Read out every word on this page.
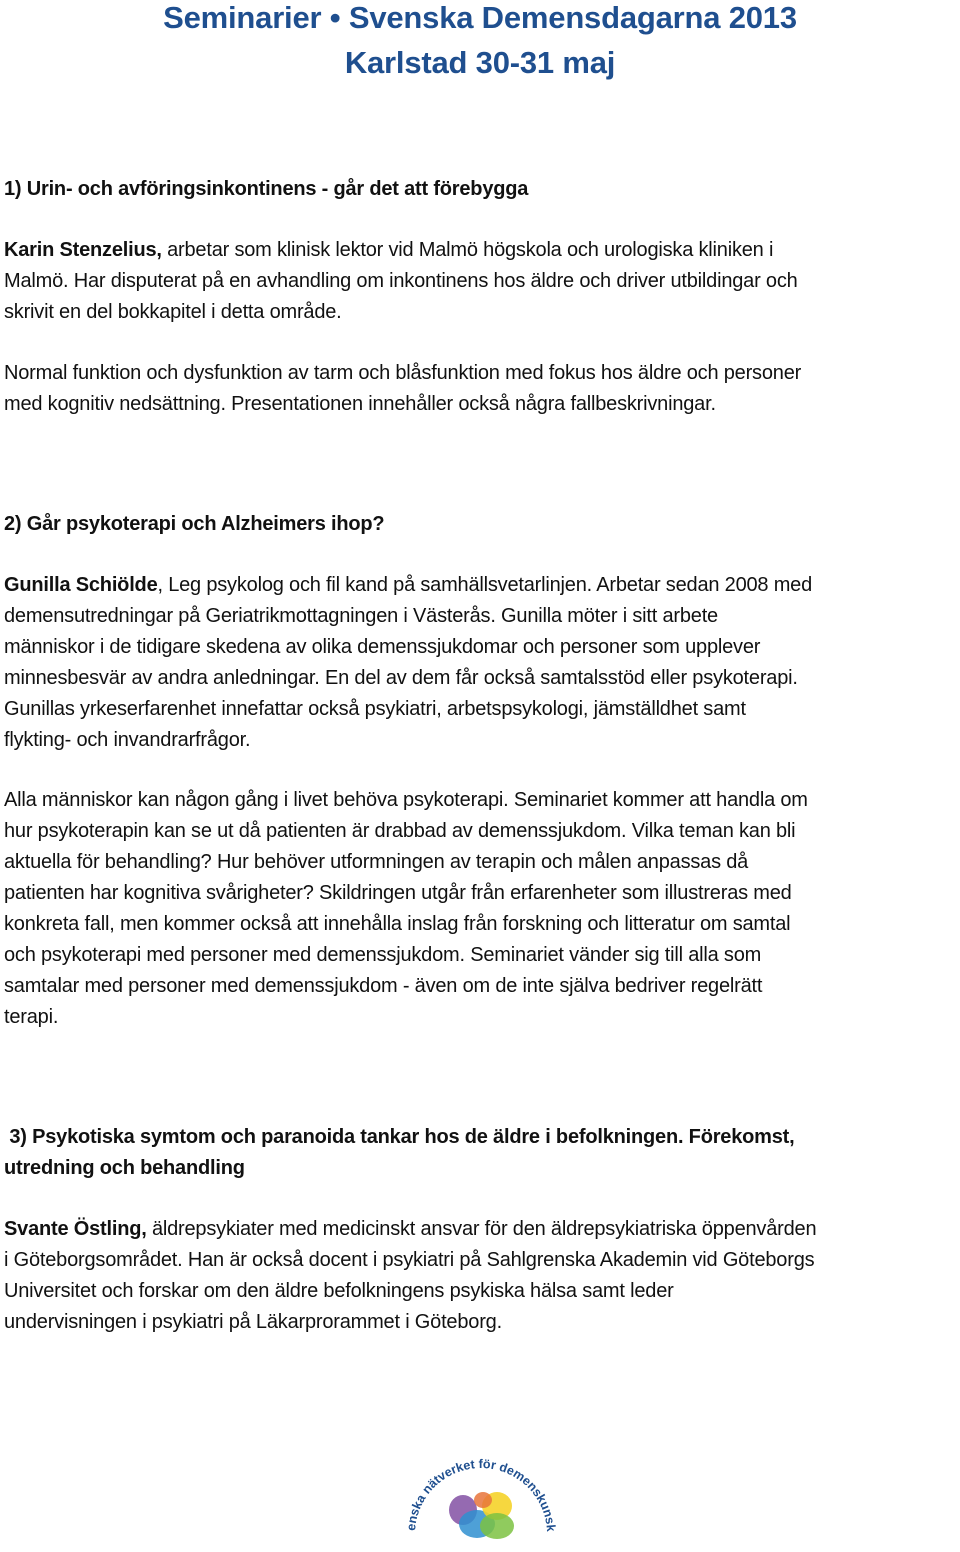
Seminarier • Svenska Demensdagarna 2013
Karlstad 30-31 maj
1) Urin- och avföringsinkontinens - går det att förebygga
Karin Stenzelius, arbetar som klinisk lektor vid Malmö högskola och urologiska kliniken i
Malmö. Har disputerat på en avhandling om inkontinens hos äldre och driver utbildingar och
skrivit en del bokkapitel i detta område.
Normal funktion och dysfunktion av tarm och blåsfunktion med fokus hos äldre och personer
med kognitiv nedsättning. Presentationen innehåller också några fallbeskrivningar.
2) Går psykoterapi och Alzheimers ihop?
Gunilla Schiölde, Leg psykolog och fil kand på samhällsvetarlinjen. Arbetar sedan 2008 med
demensutredningar på Geriatrikmottagningen i Västerås. Gunilla möter i sitt arbete
människor i de tidigare skedena av olika demenssjukdomar och personer som upplever
minnesbesvär av andra anledningar. En del av dem får också samtalsstöd eller psykoterapi.
Gunillas yrkeserfarenhet innefattar också psykiatri, arbetspsykologi, jämställdhet samt
flykting- och invandrarfrågor.
Alla människor kan någon gång i livet behöva psykoterapi. Seminariet kommer att handla om
hur psykoterapin kan se ut då patienten är drabbad av demenssjukdom. Vilka teman kan bli
aktuella för behandling? Hur behöver utformningen av terapin och målen anpassas då
patienten har kognitiva svårigheter? Skildringen utgår från erfarenheter som illustreras med
konkreta fall, men kommer också att innehålla inslag från forskning och litteratur om samtal
och psykoterapi med personer med demenssjukdom. Seminariet vänder sig till alla som
samtalar med personer med demenssjukdom - även om de inte själva bedriver regelrätt
terapi.
3) Psykotiska symtom och paranoida tankar hos de äldre i befolkningen. Förekomst,
utredning och behandling
Svante Östling, äldrepsykiater med medicinskt ansvar för den äldrepsykiatriska öppenvården
i Göteborgsområdet. Han är också docent i psykiatri på Sahlgrenska Akademin vid Göteborgs
Universitet och forskar om den äldre befolkningens psykiska hälsa samt leder
undervisningen i psykiatri på Läkarprorammet i Göteborg.
enska nätverket för demenskunsk
